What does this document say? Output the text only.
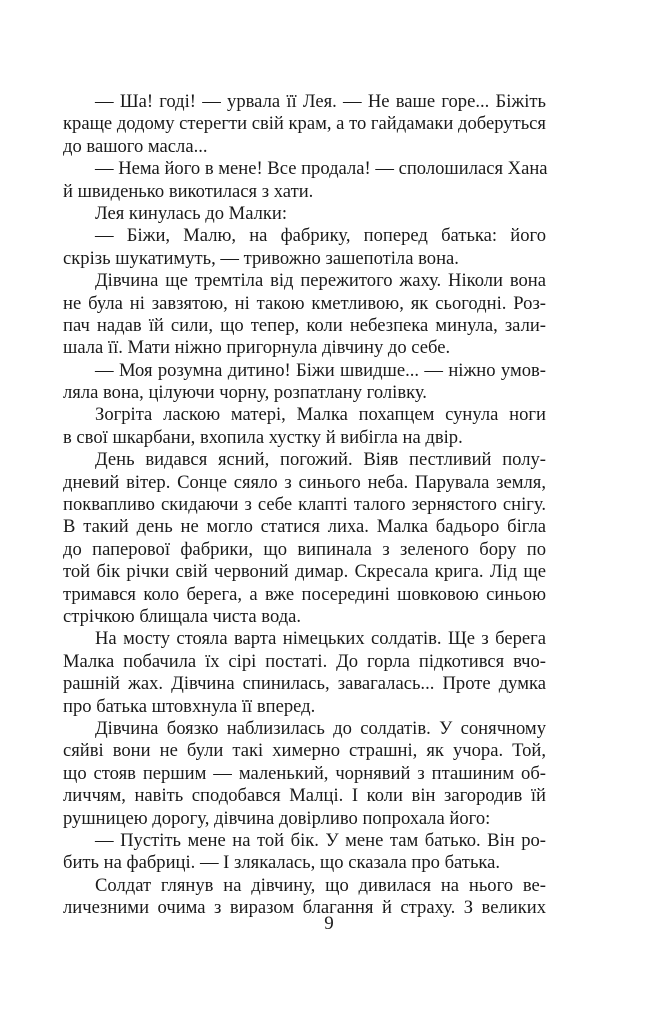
— Ша! годі! — урвала її Лея. — Не ваше горе... Біжіть
краще додому стерегти свій крам, а то гайдамаки доберуться
до вашого масла...
— Нема його в мене! Все продала! — сполошилася Хана
й швиденько викотилася з хати.
Лея кинулась до Малки:
— Біжи, Малю, на фабрику, поперед батька: його
скрізь шукатимуть, — тривожно зашепотіла вона.
Дівчина ще тремтіла від пережитого жаху. Ніколи вона
не була ні завзятою, ні такою кметливою, як сьогодні. Роз-
пач надав їй сили, що тепер, коли небезпека минула, зали-
шала її. Мати ніжно пригорнула дівчину до себе.
— Моя розумна дитино! Біжи швидше... — ніжно умов-
ляла вона, цілуючи чорну, розпатлану голівку.
Зогріта ласкою матері, Малка похапцем сунула ноги
в свої шкарбани, вхопила хустку й вибігла на двір.
День видався ясний, погожий. Віяв пестливий полу-
дневий вітер. Сонце сяяло з синього неба. Парувала земля,
поквапливо скидаючи з себе клапті талого зернястого снігу.
В такий день не могло статися лиха. Малка бадьоро бігла
до паперової фабрики, що випинала з зеленого бору по
той бік річки свій червоний димар. Скресала крига. Лід ще
тримався коло берега, а вже посередині шовковою синьою
стрічкою блищала чиста вода.
На мосту стояла варта німецьких солдатів. Ще з берега
Малка побачила їх сірі постаті. До горла підкотився вчо-
рашній жах. Дівчина спинилась, завагалась... Проте думка
про батька штовхнула її вперед.
Дівчина боязко наблизилась до солдатів. У сонячному
сяйві вони не були такі химерно страшні, як учора. Той,
що стояв першим — маленький, чорнявий з пташиним об-
личчям, навіть сподобався Малці. І коли він загородив їй
рушницею дорогу, дівчина довірливо попрохала його:
— Пустіть мене на той бік. У мене там батько. Він ро-
бить на фабриці. — І злякалась, що сказала про батька.
Солдат глянув на дівчину, що дивилася на нього ве-
личезними очима з виразом благання й страху. З великих
9
